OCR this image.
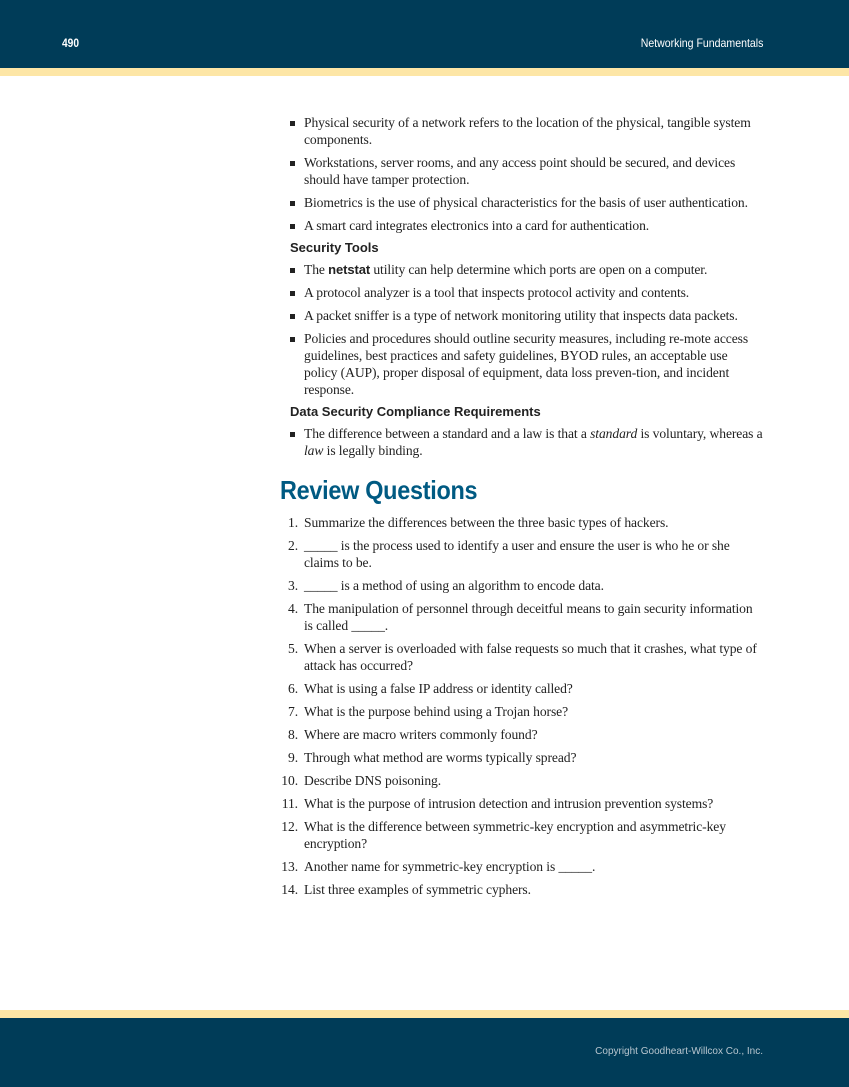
490	Networking Fundamentals
Physical security of a network refers to the location of the physical, tangible system components.
Workstations, server rooms, and any access point should be secured, and devices should have tamper protection.
Biometrics is the use of physical characteristics for the basis of user authentication.
A smart card integrates electronics into a card for authentication.
Security Tools
The netstat utility can help determine which ports are open on a computer.
A protocol analyzer is a tool that inspects protocol activity and contents.
A packet sniffer is a type of network monitoring utility that inspects data packets.
Policies and procedures should outline security measures, including re-mote access guidelines, best practices and safety guidelines, BYOD rules, an acceptable use policy (AUP), proper disposal of equipment, data loss preven-tion, and incident response.
Data Security Compliance Requirements
The difference between a standard and a law is that a standard is voluntary, whereas a law is legally binding.
Review Questions
1. Summarize the differences between the three basic types of hackers.
2. _____ is the process used to identify a user and ensure the user is who he or she claims to be.
3. _____ is a method of using an algorithm to encode data.
4. The manipulation of personnel through deceitful means to gain security information is called _____.
5. When a server is overloaded with false requests so much that it crashes, what type of attack has occurred?
6. What is using a false IP address or identity called?
7. What is the purpose behind using a Trojan horse?
8. Where are macro writers commonly found?
9. Through what method are worms typically spread?
10. Describe DNS poisoning.
11. What is the purpose of intrusion detection and intrusion prevention systems?
12. What is the difference between symmetric-key encryption and asymmetric-key encryption?
13. Another name for symmetric-key encryption is _____.
14. List three examples of symmetric cyphers.
Copyright Goodheart-Willcox Co., Inc.
